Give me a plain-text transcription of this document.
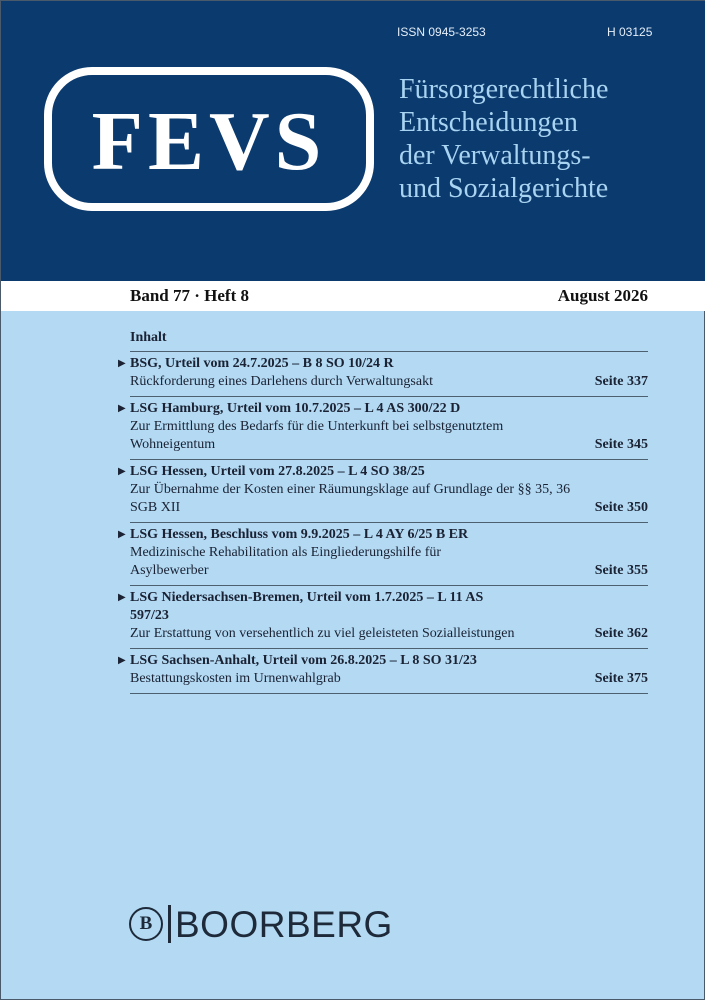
ISSN 0945-3253	H 03125
FEVS
Fürsorgerechtliche
Entscheidungen
der Verwaltungs-
und Sozialgerichte
Band 77 · Heft 8	August 2026
Inhalt
▶ BSG, Urteil vom 24.7.2025 – B 8 SO 10/24 R
Rückforderung eines Darlehens durch Verwaltungsakt	Seite 337
▶ LSG Hamburg, Urteil vom 10.7.2025 – L 4 AS 300/22 D
Zur Ermittlung des Bedarfs für die Unterkunft bei selbstgenutztem Wohneigentum	Seite 345
▶ LSG Hessen, Urteil vom 27.8.2025 – L 4 SO 38/25
Zur Übernahme der Kosten einer Räumungsklage auf Grundlage der §§ 35, 36 SGB XII	Seite 350
▶ LSG Hessen, Beschluss vom 9.9.2025 – L 4 AY 6/25 B ER
Medizinische Rehabilitation als Eingliederungshilfe für Asylbewerber	Seite 355
▶ LSG Niedersachsen-Bremen, Urteil vom 1.7.2025 – L 11 AS 597/23
Zur Erstattung von versehentlich zu viel geleisteten Sozialleistungen	Seite 362
▶ LSG Sachsen-Anhalt, Urteil vom 26.8.2025 – L 8 SO 31/23
Bestattungskosten im Urnenwahlgrab	Seite 375
B BOORBERG
